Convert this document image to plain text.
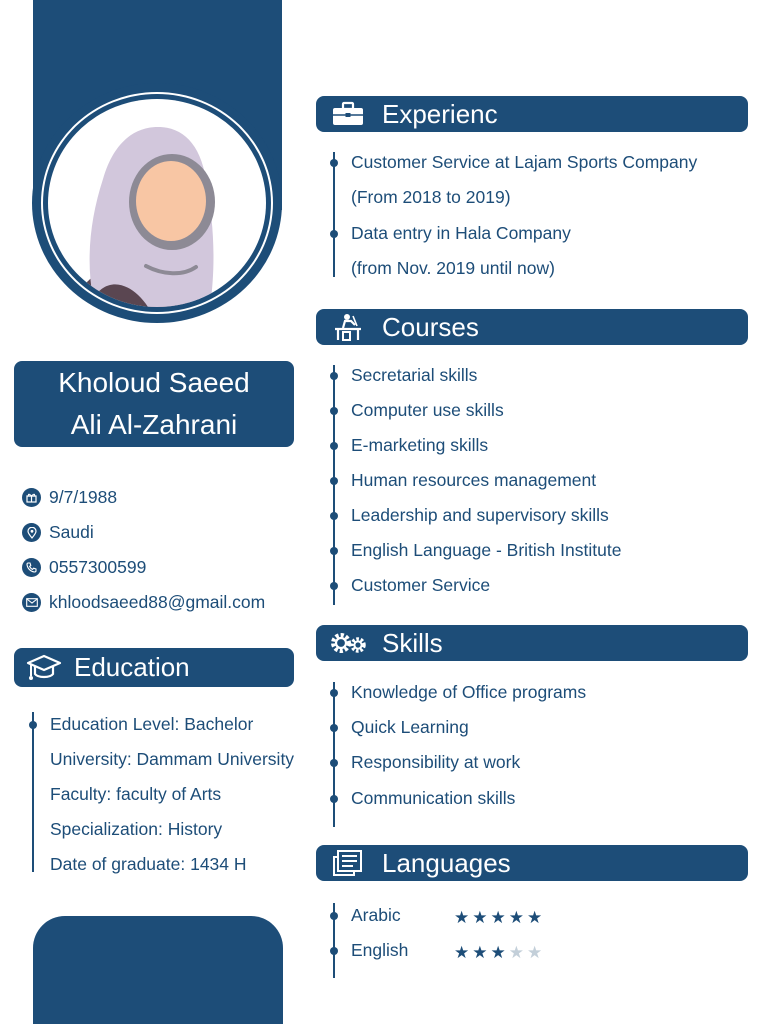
Kholoud Saeed
Ali Al-Zahrani
9/7/1988
Saudi
0557300599
khloodsaeed88@gmail.com
Education
Education Level: Bachelor
University: Dammam University
Faculty: faculty of Arts
Specialization: History
Date of graduate: 1434 H
Experienc
Customer Service at Lajam Sports Company
(From 2018 to 2019)
Data entry in Hala Company
(from Nov. 2019 until now)
Courses
Secretarial skills
Computer use skills
E-marketing skills
Human resources management
Leadership and supervisory skills
English Language - British Institute
Customer Service
Skills
Knowledge of Office programs
Quick Learning
Responsibility at work
Communication skills
Languages
Arabic	★★★★★
English	★★★★★
